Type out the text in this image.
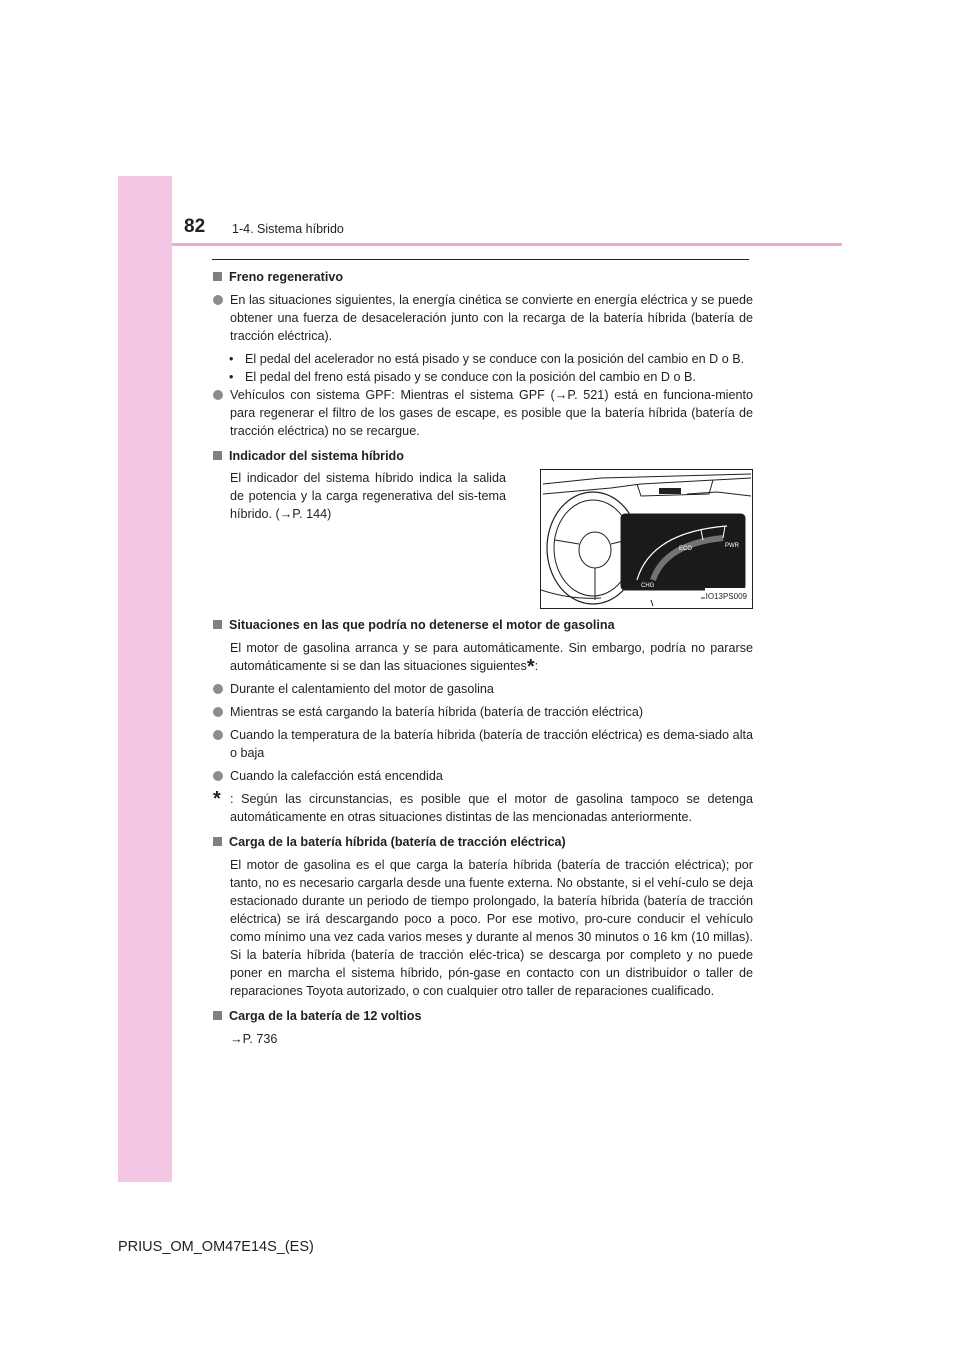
82 1-4. Sistema híbrido

Freno regenerativo

En las situaciones siguientes, la energía cinética se convierte en energía eléctrica y se puede obtener una fuerza de desaceleración junto con la recarga de la batería híbrida (batería de tracción eléctrica).

• El pedal del acelerador no está pisado y se conduce con la posición del cambio en D o B.

• El pedal del freno está pisado y se conduce con la posición del cambio en D o B.

Vehículos con sistema GPF: Mientras el sistema GPF (→P. 521) está en funciona-miento para regenerar el filtro de los gases de escape, es posible que la batería híbrida (batería de tracción eléctrica) no se recargue.

Indicador del sistema híbrido

El indicador del sistema híbrido indica la salida de potencia y la carga regenerativa del sis-tema híbrido. (→P. 144)
ECO	PWR
CHG
IO13PS009

Situaciones en las que podría no detenerse el motor de gasolina

El motor de gasolina arranca y se para automáticamente. Sin embargo, podría no pararse automáticamente si se dan las situaciones siguientes*:

Durante el calentamiento del motor de gasolina

Mientras se está cargando la batería híbrida (batería de tracción eléctrica)

Cuando la temperatura de la batería híbrida (batería de tracción eléctrica) es dema-siado alta o baja

Cuando la calefacción está encendida

* : Según las circunstancias, es posible que el motor de gasolina tampoco se detenga automáticamente en otras situaciones distintas de las mencionadas anteriormente.

Carga de la batería híbrida (batería de tracción eléctrica)

El motor de gasolina es el que carga la batería híbrida (batería de tracción eléctrica); por tanto, no es necesario cargarla desde una fuente externa. No obstante, si el vehí-culo se deja estacionado durante un periodo de tiempo prolongado, la batería híbrida (batería de tracción eléctrica) se irá descargando poco a poco. Por ese motivo, pro-cure conducir el vehículo como mínimo una vez cada varios meses y durante al menos 30 minutos o 16 km (10 millas). Si la batería híbrida (batería de tracción eléc-trica) se descarga por completo y no puede poner en marcha el sistema híbrido, pón-gase en contacto con un distribuidor o taller de reparaciones Toyota autorizado, o con cualquier otro taller de reparaciones cualificado.

Carga de la batería de 12 voltios

→P. 736

PRIUS_OM_OM47E14S_(ES)
